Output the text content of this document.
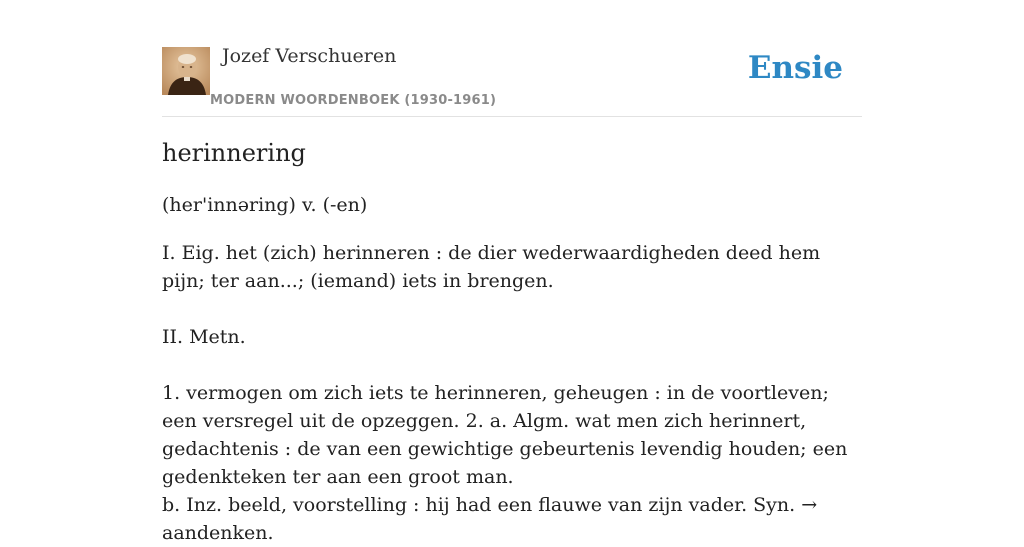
Jozef Verschueren
MODERN WOORDENBOEK (1930-1961)
Ensie
herinnering
(her'innəring) v. (-en)

I. Eig. het (zich) herinneren : de dier wederwaardigheden deed hem pijn; ter aan...; (iemand) iets in brengen.

II. Metn.

1. vermogen om zich iets te herinneren, geheugen : in de voortleven; een versregel uit de opzeggen. 2. a. Algm. wat men zich herinnert, gedachtenis : de van een gewichtige gebeurtenis levendig houden; een gedenkteken ter aan een groot man.

b. Inz. beeld, voorstelling : hij had een flauwe van zijn vader. Syn. → aandenken.
